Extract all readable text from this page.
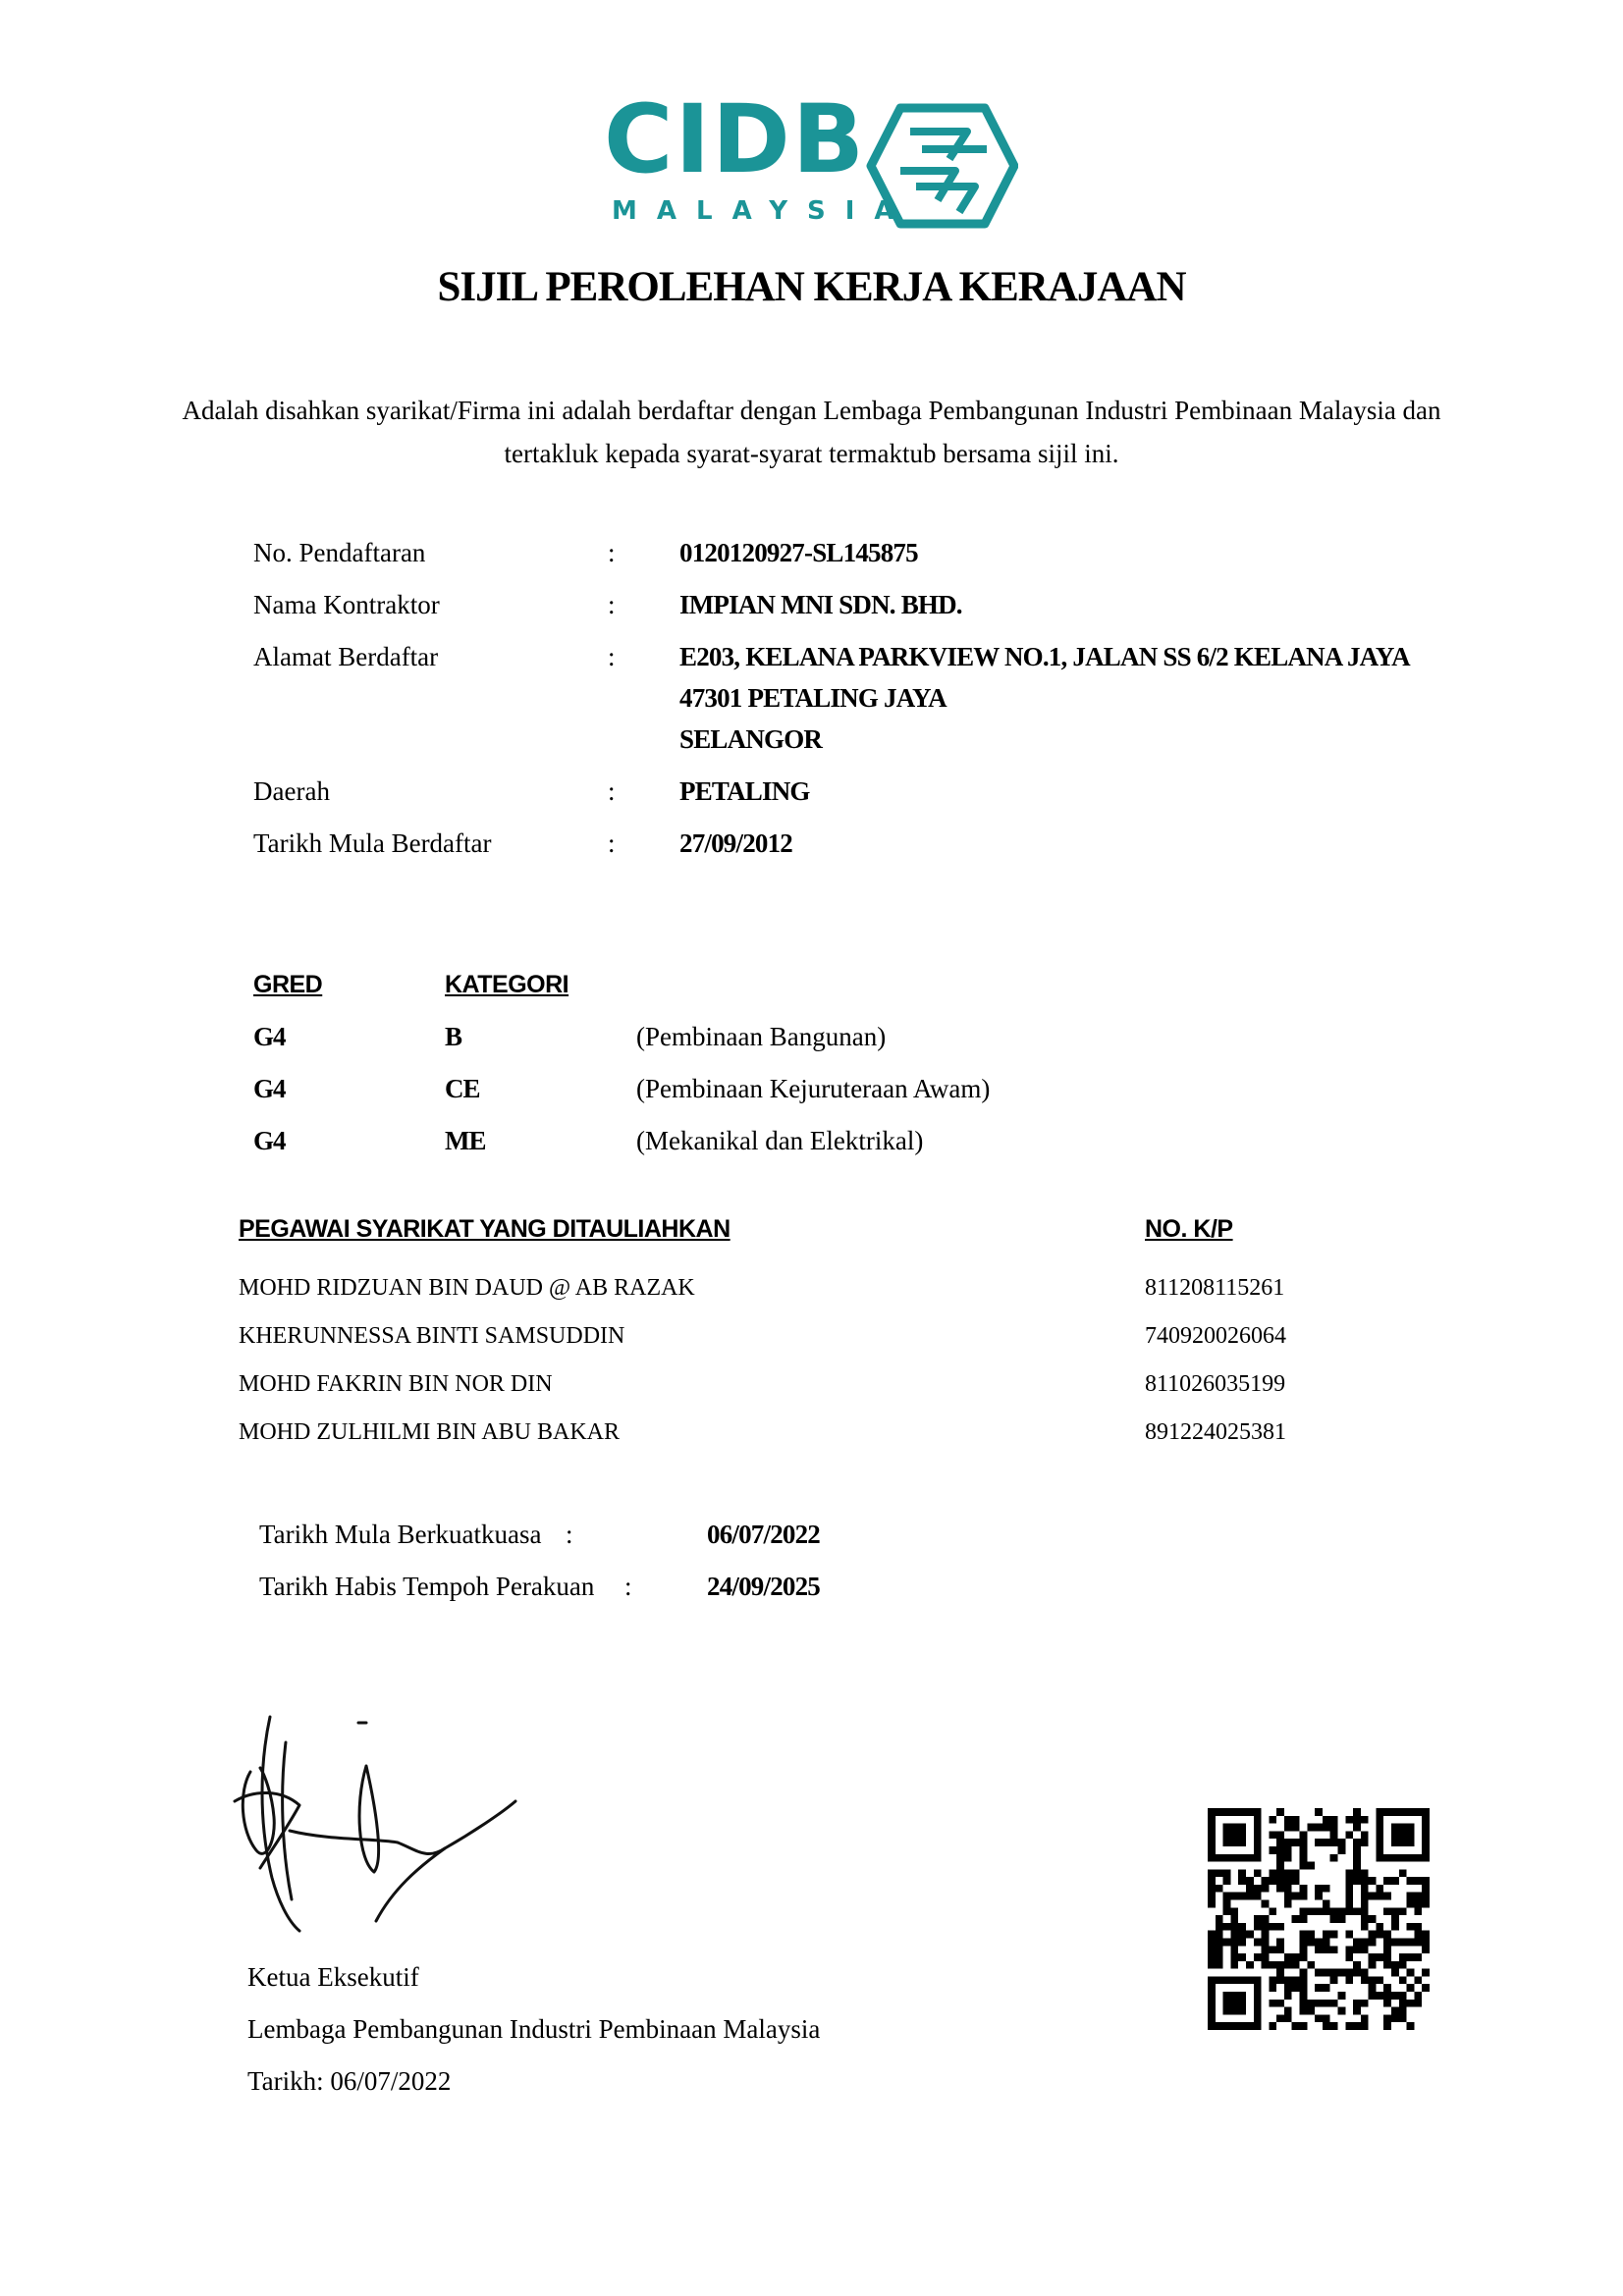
CIDB
MALAYSIA
SIJIL PEROLEHAN KERJA KERAJAAN
Adalah disahkan syarikat/Firma ini adalah berdaftar dengan Lembaga Pembangunan Industri Pembinaan Malaysia dan tertakluk kepada syarat-syarat termaktub bersama sijil ini.
No. Pendaftaran	: 0120120927-SL145875
Nama Kontraktor	: IMPIAN MNI SDN. BHD.
Alamat Berdaftar	: E203, KELANA PARKVIEW NO.1, JALAN SS 6/2 KELANA JAYA
47301 PETALING JAYA
SELANGOR
Daerah	: PETALING
Tarikh Mula Berdaftar	: 27/09/2012
GRED	KATEGORI
G4	B	(Pembinaan Bangunan)
G4	CE	(Pembinaan Kejuruteraan Awam)
G4	ME	(Mekanikal dan Elektrikal)
PEGAWAI SYARIKAT YANG DITAULIAHKAN	NO. K/P
MOHD RIDZUAN BIN DAUD @ AB RAZAK	811208115261
KHERUNNESSA BINTI SAMSUDDIN	740920026064
MOHD FAKRIN BIN NOR DIN	811026035199
MOHD ZULHILMI BIN ABU BAKAR	891224025381
Tarikh Mula Berkuatkuasa :	06/07/2022
Tarikh Habis Tempoh Perakuan :	24/09/2025
Ketua Eksekutif
Lembaga Pembangunan Industri Pembinaan Malaysia
Tarikh: 06/07/2022
